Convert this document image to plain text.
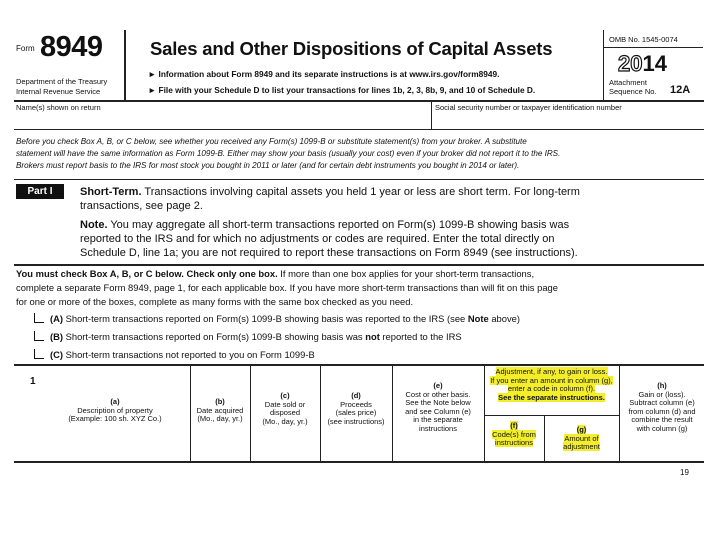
Form 8949
Department of the Treasury
Internal Revenue Service
Sales and Other Dispositions of Capital Assets
► Information about Form 8949 and its separate instructions is at www.irs.gov/form8949.
► File with your Schedule D to list your transactions for lines 1b, 2, 3, 8b, 9, and 10 of Schedule D.
OMB No. 1545-0074
2014
Attachment
Sequence No. 12A
Name(s) shown on return	Social security number or taxpayer identification number
Before you check Box A, B, or C below, see whether you received any Form(s) 1099-B or substitute statement(s) from your broker. A substitute
statement will have the same information as Form 1099-B. Either may show your basis (usually your cost) even if your broker did not report it to the IRS.
Brokers must report basis to the IRS for most stock you bought in 2011 or later (and for certain debt instruments you bought in 2014 or later).
Part I	Short-Term. Transactions involving capital assets you held 1 year or less are short term. For long-term
transactions, see page 2.
Note. You may aggregate all short-term transactions reported on Form(s) 1099-B showing basis was
reported to the IRS and for which no adjustments or codes are required. Enter the total directly on
Schedule D, line 1a; you are not required to report these transactions on Form 8949 (see instructions).
You must check Box A, B, or C below. Check only one box. If more than one box applies for your short-term transactions,
complete a separate Form 8949, page 1, for each applicable box. If you have more short-term transactions than will fit on this page
for one or more of the boxes, complete as many forms with the same box checked as you need.
(A) Short-term transactions reported on Form(s) 1099-B showing basis was reported to the IRS (see Note above)
(B) Short-term transactions reported on Form(s) 1099-B showing basis was not reported to the IRS
(C) Short-term transactions not reported to you on Form 1099-B
1
(a)
Description of property
(Example: 100 sh. XYZ Co.)
(b)
Date acquired
(Mo., day, yr.)
(c)
Date sold or
disposed
(Mo., day, yr.)
(d)
Proceeds
(sales price)
(see instructions)
(e)
Cost or other basis.
See the Note below
and see Column (e)
in the separate
instructions
Adjustment, if any, to gain or loss.
If you enter an amount in column (g),
enter a code in column (f).
See the separate instructions.
(f)
Code(s) from
instructions
(g)
Amount of
adjustment
(h)
Gain or (loss).
Subtract column (e)
from column (d) and
combine the result
with column (g)
19
